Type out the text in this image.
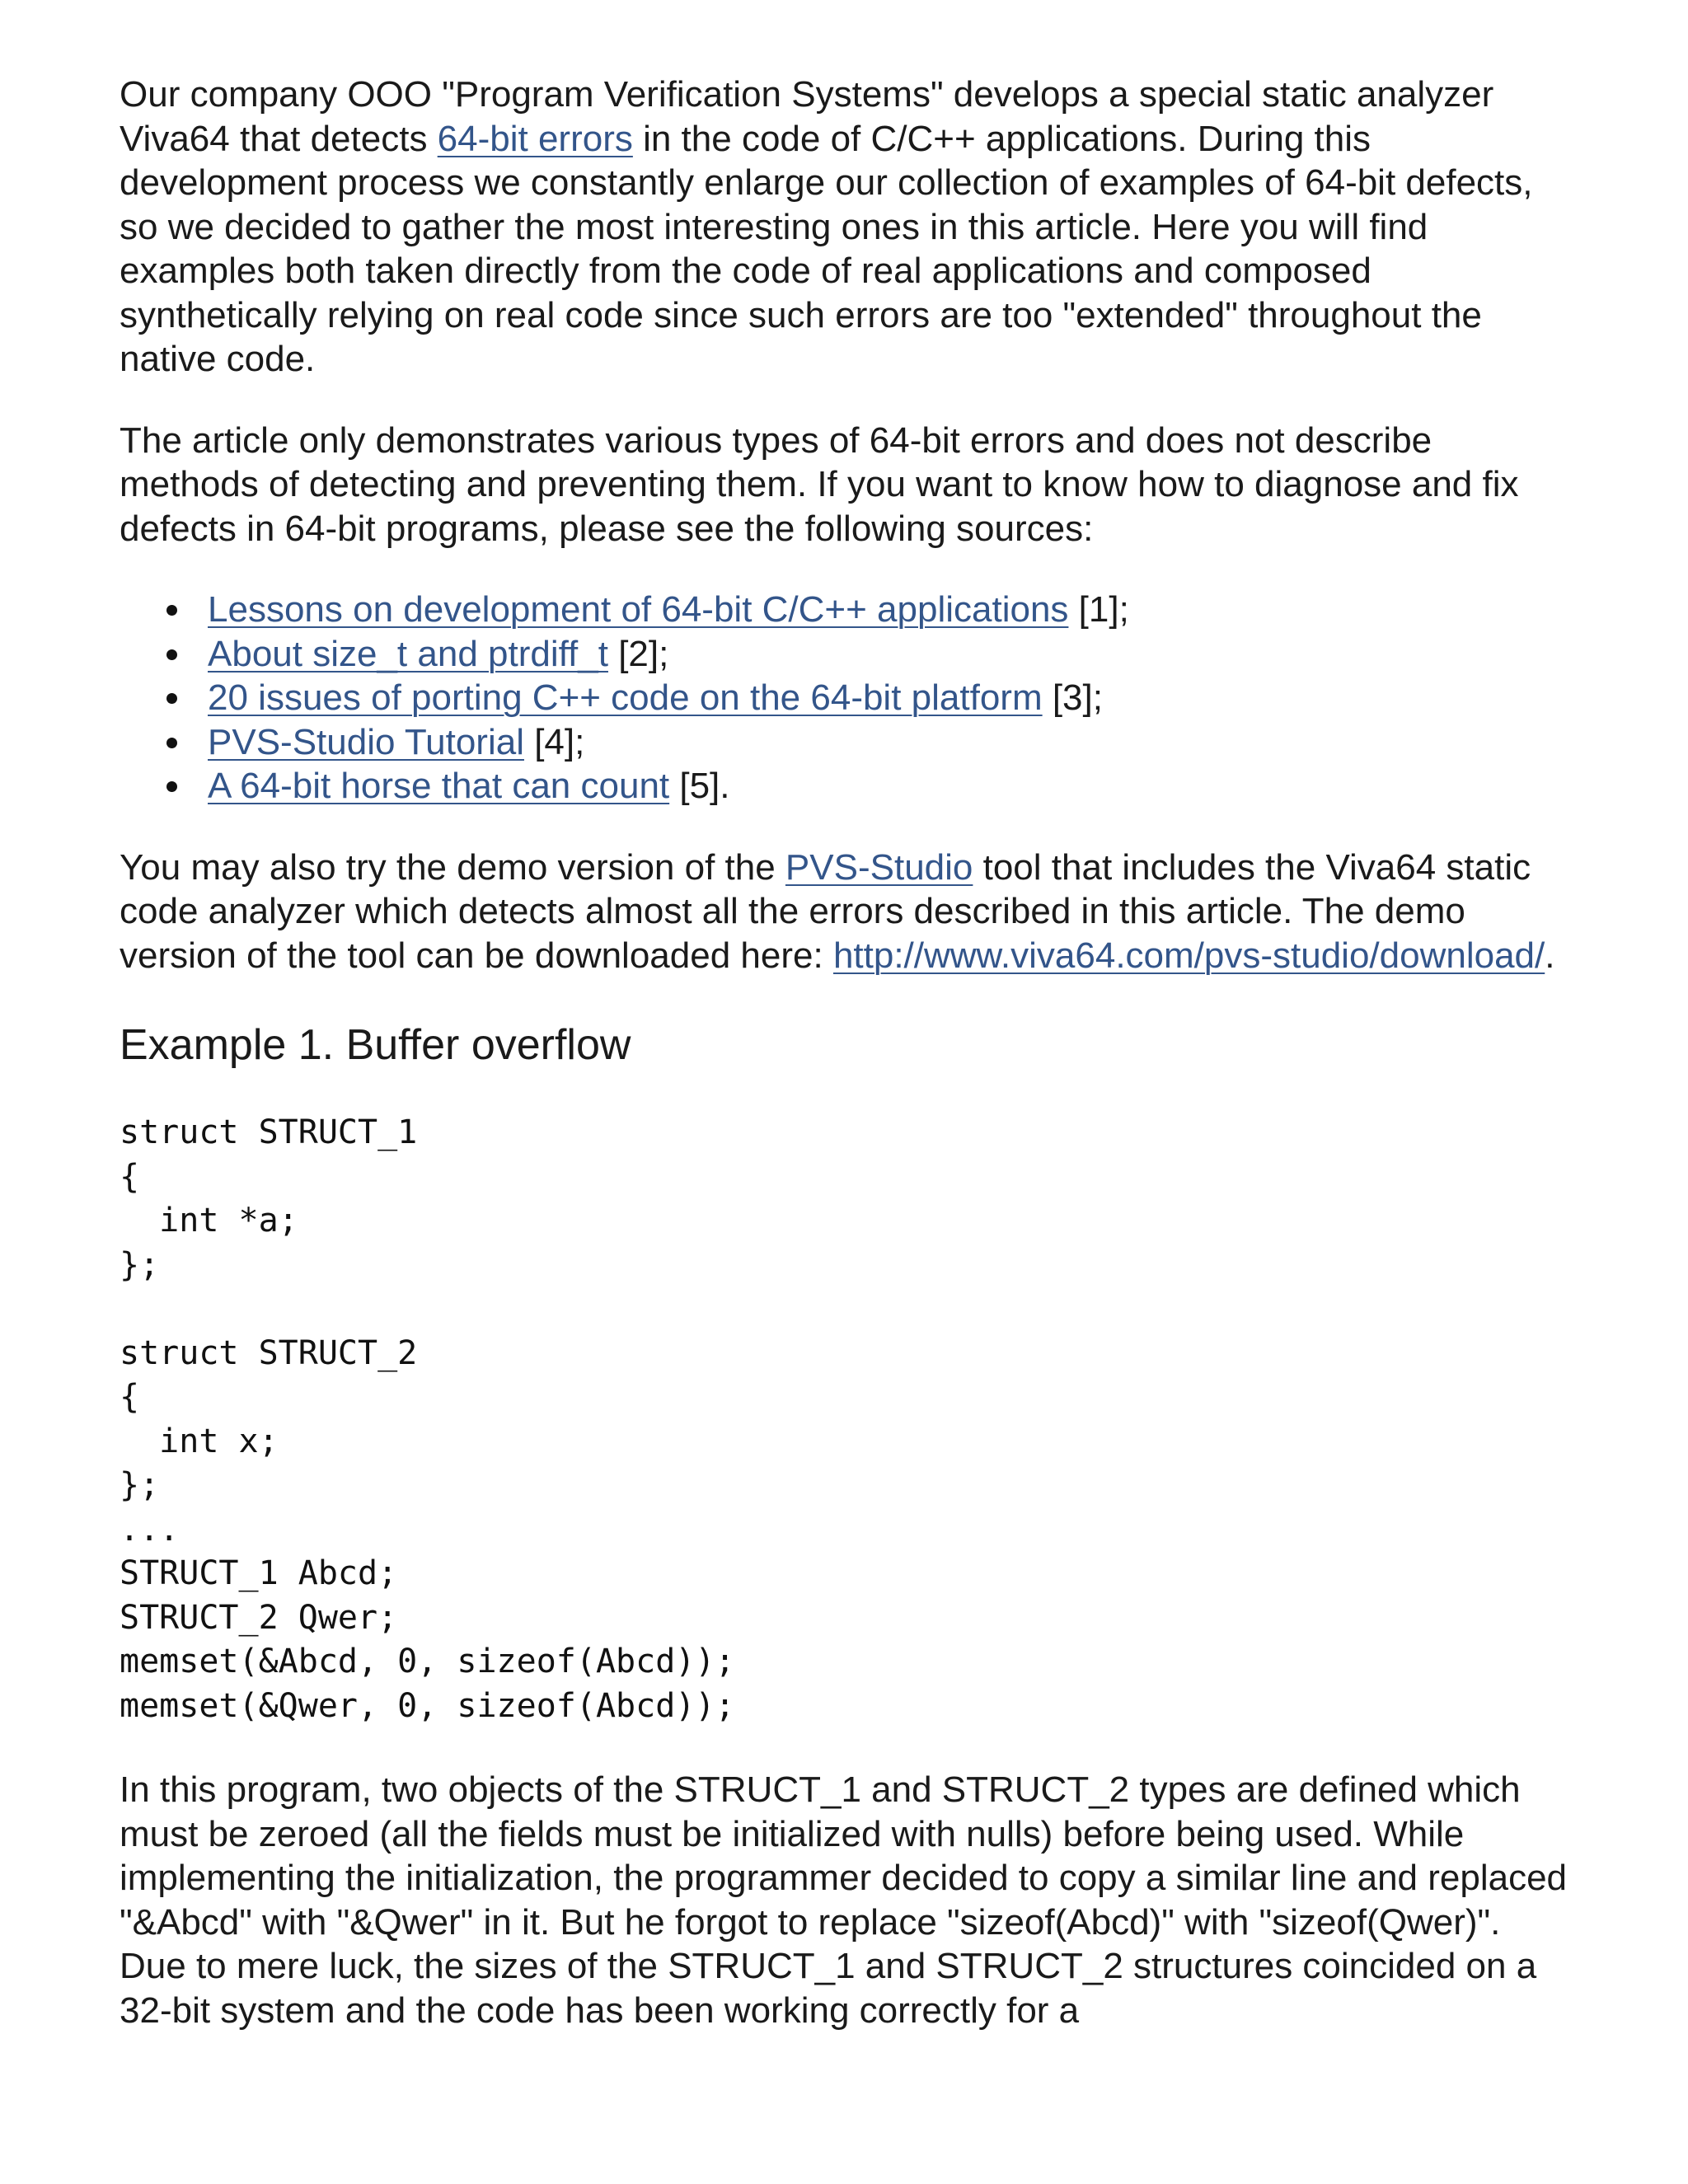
Our company OOO "Program Verification Systems" develops a special static analyzer Viva64 that detects 64-bit errors in the code of C/C++ applications. During this development process we constantly enlarge our collection of examples of 64-bit defects, so we decided to gather the most interesting ones in this article. Here you will find examples both taken directly from the code of real applications and composed synthetically relying on real code since such errors are too "extended" throughout the native code.

The article only demonstrates various types of 64-bit errors and does not describe methods of detecting and preventing them. If you want to know how to diagnose and fix defects in 64-bit programs, please see the following sources:

Lessons on development of 64-bit C/C++ applications [1];
About size_t and ptrdiff_t [2];
20 issues of porting C++ code on the 64-bit platform [3];
PVS-Studio Tutorial [4];
A 64-bit horse that can count [5].

You may also try the demo version of the PVS-Studio tool that includes the Viva64 static code analyzer which detects almost all the errors described in this article. The demo version of the tool can be downloaded here: http://www.viva64.com/pvs-studio/download/.

Example 1. Buffer overflow
struct STRUCT_1
{
int *a;
};
struct STRUCT_2
{
int x;
};
...
STRUCT_1 Abcd;
STRUCT_2 Qwer;
memset(&Abcd, 0, sizeof(Abcd));
memset(&Qwer, 0, sizeof(Abcd));

In this program, two objects of the STRUCT_1 and STRUCT_2 types are defined which must be zeroed (all the fields must be initialized with nulls) before being used. While implementing the initialization, the programmer decided to copy a similar line and replaced "&Abcd" with "&Qwer" in it. But he forgot to replace "sizeof(Abcd)" with "sizeof(Qwer)". Due to mere luck, the sizes of the STRUCT_1 and STRUCT_2 structures coincided on a 32-bit system and the code has been working correctly for a
